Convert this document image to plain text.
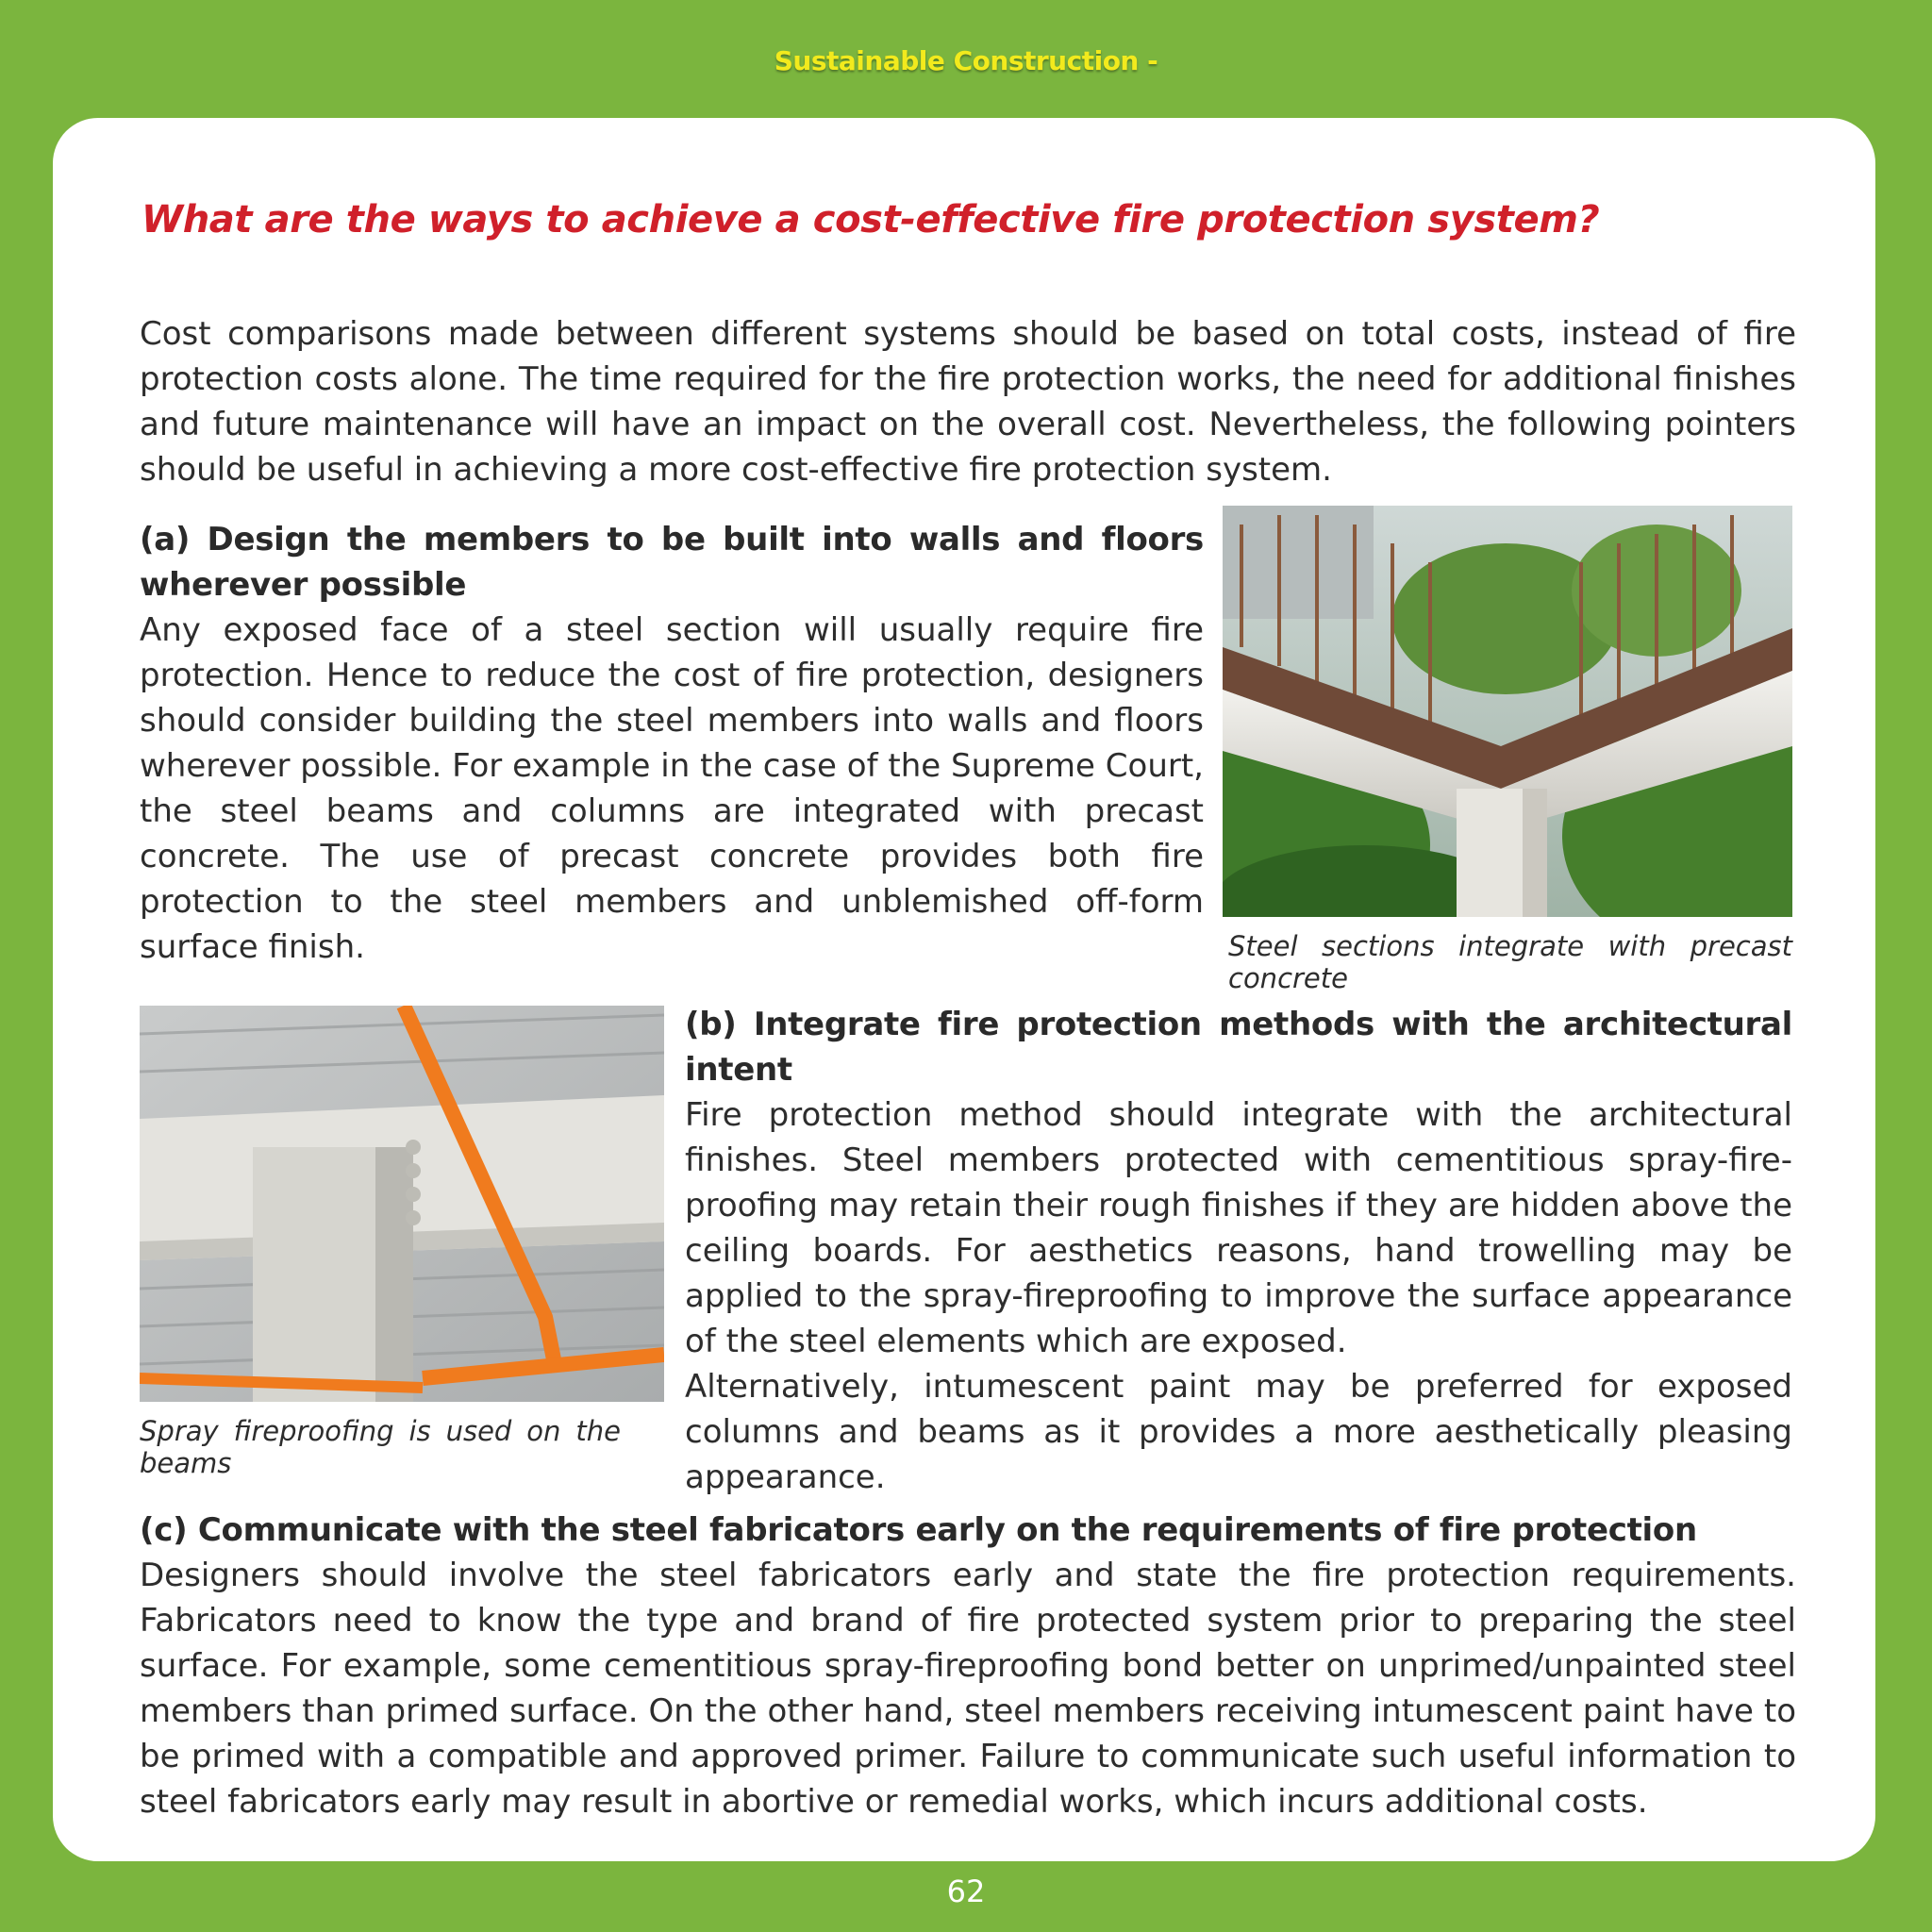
Sustainable Construction -
What are the ways to achieve a cost-effective fire protection system?

Cost comparisons made between different systems should be based on total costs, instead of fire protection costs alone. The time required for the fire protection works, the need for additional finishes and future maintenance will have an impact on the overall cost. Nevertheless, the following pointers should be useful in achieving a more cost-effective fire protection system.

(a) Design the members to be built into walls and floors wherever possible
Any exposed face of a steel section will usually require fire protection. Hence to reduce the cost of fire protection, designers should consider building the steel members into walls and floors wherever possible. For example in the case of the Supreme Court, the steel beams and columns are integrated with precast concrete. The use of precast concrete provides both fire protection to the steel members and unblemished off-form surface finish.	Steel sections integrate with precast concrete
Spray fireproofing is used on the beams
(b) Integrate fire protection methods with the architectural intent
Fire protection method should integrate with the architectural finishes. Steel members protected with cementitious spray-fire-proofing may retain their rough finishes if they are hidden above the ceiling boards. For aesthetics reasons, hand trowelling may be applied to the spray-fireproofing to improve the surface appearance of the steel elements which are exposed.
Alternatively, intumescent paint may be preferred for exposed columns and beams as it provides a more aesthetically pleasing appearance.
(c) Communicate with the steel fabricators early on the requirements of fire protection
Designers should involve the steel fabricators early and state the fire protection requirements. Fabricators need to know the type and brand of fire protected system prior to preparing the steel surface. For example, some cementitious spray-fireproofing bond better on unprimed/unpainted steel members than primed surface. On the other hand, steel members receiving intumescent paint have to be primed with a compatible and approved primer. Failure to communicate such useful information to steel fabricators early may result in abortive or remedial works, which incurs additional costs.
62
